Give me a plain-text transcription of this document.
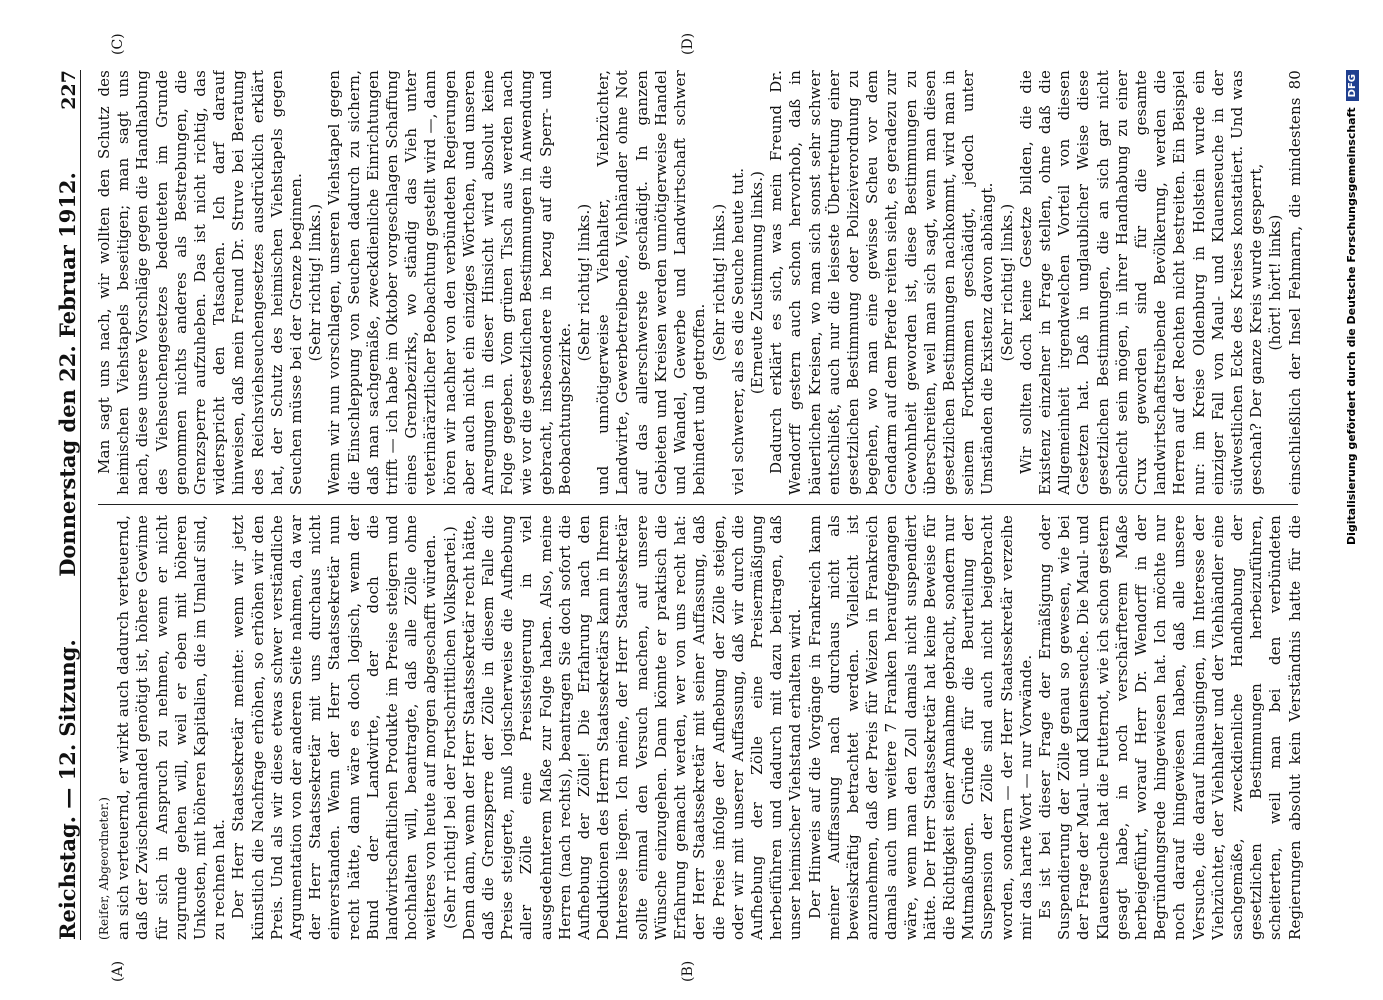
Reichstag. — 12. Sitzung.
Donnerstag den 22. Februar 1912.
227
(A)	(B)
(C)	(D)

(Reifer, Abgeordneter.) an sich verteuernd, er wirkt auch dadurch verteuernd, daß der Zwischenhandel genötigt ist, höhere Gewinne für sich in Anspruch zu nehmen, wenn er nicht zugrunde gehen will, weil er eben mit höheren Unkosten, mit höheren Kapitalien, die im Umlauf sind, zu rechnen hat. Der Herr Staatssekretär meinte: wenn wir jetzt künstlich die Nachfrage erhöhen, so erhöhen wir den Preis. Und als wir diese etwas schwer verständliche Argumentation von der anderen Seite nahmen, da war der Herr Staatssekretär mit uns durchaus nicht einverstanden. Wenn der Herr Staatssekretär nun recht hätte, dann wäre es doch logisch, wenn der Bund der Landwirte, der doch die landwirtschaftlichen Produkte im Preise steigern und hochhalten will, beantragte, daß alle Zölle ohne weiteres von heute auf morgen abgeschafft würden. (Sehr richtig! bei der Fortschrittlichen Volkspartei.) Denn dann, wenn der Herr Staatssekretär recht hätte, daß die Grenzsperre der Zölle in diesem Falle die Preise steigerte, muß logischerweise die Aufhebung aller Zölle eine Preissteigerung in viel ausgedehnterem Maße zur Folge haben. Also, meine Herren (nach rechts), beantragen Sie doch sofort die Aufhebung der Zölle! Die Erfahrung nach den Deduktionen des Herrn Staatssekretärs kann in Ihrem Interesse liegen. Ich meine, der Herr Staatssekretär sollte einmal den Versuch machen, auf unsere Wünsche einzugehen. Dann könnte er praktisch die Erfahrung gemacht werden, wer von uns recht hat: der Herr Staatssekretär mit seiner Auffassung, daß die Preise infolge der Aufhebung der Zölle steigen, oder wir mit unserer Auffassung, daß wir durch die Aufhebung der Zölle eine Preisermäßigung herbeiführen und dadurch mit dazu beitragen, daß unser heimischer Viehstand erhalten wird. Der Hinweis auf die Vorgänge in Frankreich kann meiner Auffassung nach durchaus nicht als beweiskräftig betrachtet werden. Vielleicht ist anzunehmen, daß der Preis für Weizen in Frankreich damals auch um weitere 7 Franken heraufgegangen wäre, wenn man den Zoll damals nicht suspendiert hätte. Der Herr Staatssekretär hat keine Beweise für die Richtigkeit seiner Annahme gebracht, sondern nur Mutmaßungen. Gründe für die Beurteilung der Suspension der Zölle sind auch nicht beigebracht worden, sondern — der Herr Staatssekretär verzeihe mir das harte Wort — nur Vorwände. Es ist bei dieser Frage der Ermäßigung oder Suspendierung der Zölle genau so gewesen, wie bei der Frage der Maul- und Klauenseuche. Die Maul- und Klauenseuche hat die Futternot, wie ich schon gestern gesagt habe, in noch verschärfterem Maße herbeigeführt, worauf Herr Dr. Wendorff in der Begründungsrede hingewiesen hat. Ich möchte nur noch darauf hingewiesen haben, daß alle unsere Versuche, die darauf hinausgingen, im Interesse der Viehzüchter, der Viehhalter und der Viehhändler eine sachgemäße, zweckdienliche Handhabung der gesetzlichen Bestimmungen herbeizuführen, scheiterten, weil man bei den verbündeten Regierungen absolut kein Verständnis hatte für die

Man sagt uns nach, wir wollten den Schutz des heimischen Viehstapels beseitigen; man sagt uns nach, diese unsere Vorschläge gegen die Handhabung des Viehseuchengesetzes bedeuteten im Grunde genommen nichts anderes als Bestrebungen, die Grenzsperre aufzuheben. Das ist nicht richtig, das widerspricht den Tatsachen. Ich darf darauf hinweisen, daß mein Freund Dr. Struve bei Beratung des Reichsviehseuchengesetzes ausdrücklich erklärt hat, der Schutz des heimischen Viehstapels gegen Seuchen müsse bei der Grenze beginnen. (Sehr richtig! links.) Wenn wir nun vorschlagen, unseren Viehstapel gegen die Einschleppung von Seuchen dadurch zu sichern, daß man sachgemäße, zweckdienliche Einrichtungen trifft — ich habe im Oktober vorgeschlagen Schaffung eines Grenzbezirks, wo ständig das Vieh unter veterinärärztlicher Beobachtung gestellt wird —, dann hören wir nachher von den verbündeten Regierungen aber auch nicht ein einziges Wörtchen, und unseren Anregungen in dieser Hinsicht wird absolut keine Folge gegeben. Vom grünen Tisch aus werden nach wie vor die gesetzlichen Bestimmungen in Anwendung gebracht, insbesondere in bezug auf die Sperr- und Beobachtungsbezirke.

(Sehr richtig! links.) und unnötigerweise Viehhalter, Viehzüchter, Landwirte, Gewerbetreibende, Viehhändler ohne Not auf das allerschwerste geschädigt. In ganzen Gebieten und Kreisen werden unnötigerweise Handel und Wandel, Gewerbe und Landwirtschaft schwer behindert und getroffen.

(Sehr richtig! links.) viel schwerer, als es die Seuche heute tut. (Erneute Zustimmung links.) Dadurch erklärt es sich, was mein Freund Dr. Wendorff gestern auch schon hervorhob, daß in bäuerlichen Kreisen, wo man sich sonst sehr schwer entschließt, auch nur die leiseste Übertretung einer gesetzlichen Bestimmung oder Polizeiverordnung zu begehen, wo man eine gewisse Scheu vor dem Gendarm auf dem Pferde reiten sieht, es geradezu zur Gewohnheit geworden ist, diese Bestimmungen zu überschreiten, weil man sich sagt, wenn man diesen gesetzlichen Bestimmungen nachkommt, wird man in seinem Fortkommen geschädigt, jedoch unter Umständen die Existenz davon abhängt. (Sehr richtig! links.) Wir sollten doch keine Gesetze bilden, die die Existenz einzelner in Frage stellen, ohne daß die Allgemeinheit irgendwelchen Vorteil von diesen Gesetzen hat. Daß in unglaublicher Weise diese gesetzlichen Bestimmungen, die an sich gar nicht schlecht sein mögen, in ihrer Handhabung zu einer Crux geworden sind für die gesamte landwirtschaftstreibende Bevölkerung, werden die Herren auf der Rechten nicht bestreiten. Ein Beispiel nur: im Kreise Oldenburg in Holstein wurde ein einziger Fall von Maul- und Klauenseuche in der südwestlichen Ecke des Kreises konstatiert. Und was geschah? Der ganze Kreis wurde gesperrt, (hört! hört! links)

einschließlich der Insel Fehmarn, die mindestens 80

Digitalisierung gefördert durch die Deutsche ForschungsgemeinschaftDFG
